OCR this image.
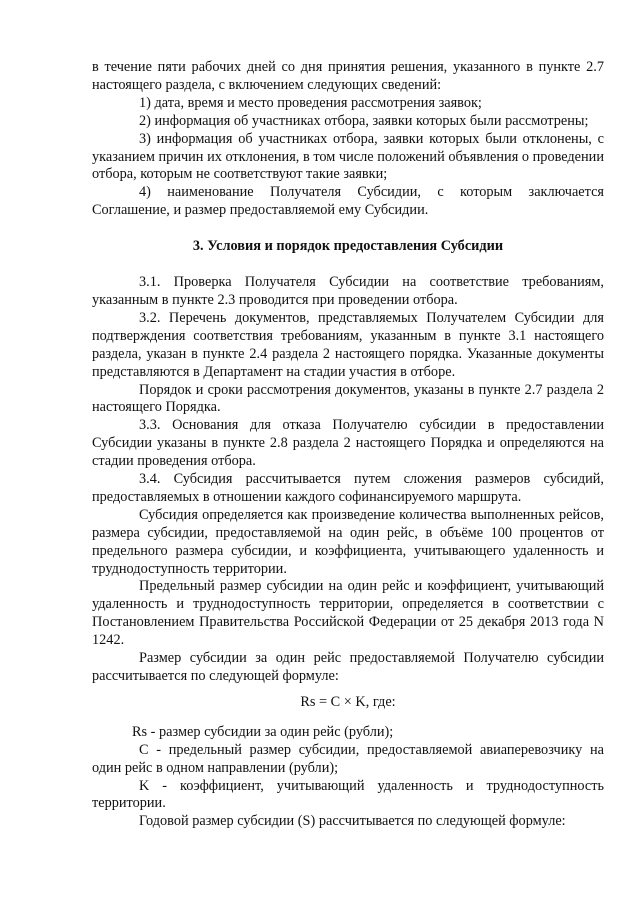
в течение пяти рабочих дней со дня принятия решения, указанного в пункте 2.7 настоящего раздела, с включением следующих сведений:

1) дата, время и место проведения рассмотрения заявок;

2) информация об участниках отбора, заявки которых были рассмотрены;

3) информация об участниках отбора, заявки которых были отклонены, с указанием причин их отклонения, в том числе положений объявления о проведении отбора, которым не соответствуют такие заявки;

4) наименование Получателя Субсидии, с которым заключается Соглашение, и размер предоставляемой ему Субсидии.

3. Условия и порядок предоставления Субсидии

3.1. Проверка Получателя Субсидии на соответствие требованиям, указанным в пункте 2.3 проводится при проведении отбора.

3.2. Перечень документов, представляемых Получателем Субсидии для подтверждения соответствия требованиям, указанным в пункте 3.1 настоящего раздела, указан в пункте 2.4 раздела 2 настоящего порядка. Указанные документы представляются в Департамент на стадии участия в отборе.

Порядок и сроки рассмотрения документов, указаны в пункте 2.7 раздела 2 настоящего Порядка.

3.3. Основания для отказа Получателю субсидии в предоставлении Субсидии указаны в пункте 2.8 раздела 2 настоящего Порядка и определяются на стадии проведения отбора.

3.4. Субсидия рассчитывается путем сложения размеров субсидий, предоставляемых в отношении каждого софинансируемого маршрута.

Субсидия определяется как произведение количества выполненных рейсов, размера субсидии, предоставляемой на один рейс, в объёме 100 процентов от предельного размера субсидии, и коэффициента, учитывающего удаленность и труднодоступность территории.

Предельный размер субсидии на один рейс и коэффициент, учитывающий удаленность и труднодоступность территории, определяется в соответствии с Постановлением Правительства Российской Федерации от 25 декабря 2013 года N 1242.

Размер субсидии за один рейс предоставляемой Получателю субсидии рассчитывается по следующей формуле:

Rs = C × K, где:

Rs - размер субсидии за один рейс (рубли);

C - предельный размер субсидии, предоставляемой авиаперевозчику на один рейс в одном направлении (рубли);

K - коэффициент, учитывающий удаленность и труднодоступность территории.

Годовой размер субсидии (S) рассчитывается по следующей формуле:
